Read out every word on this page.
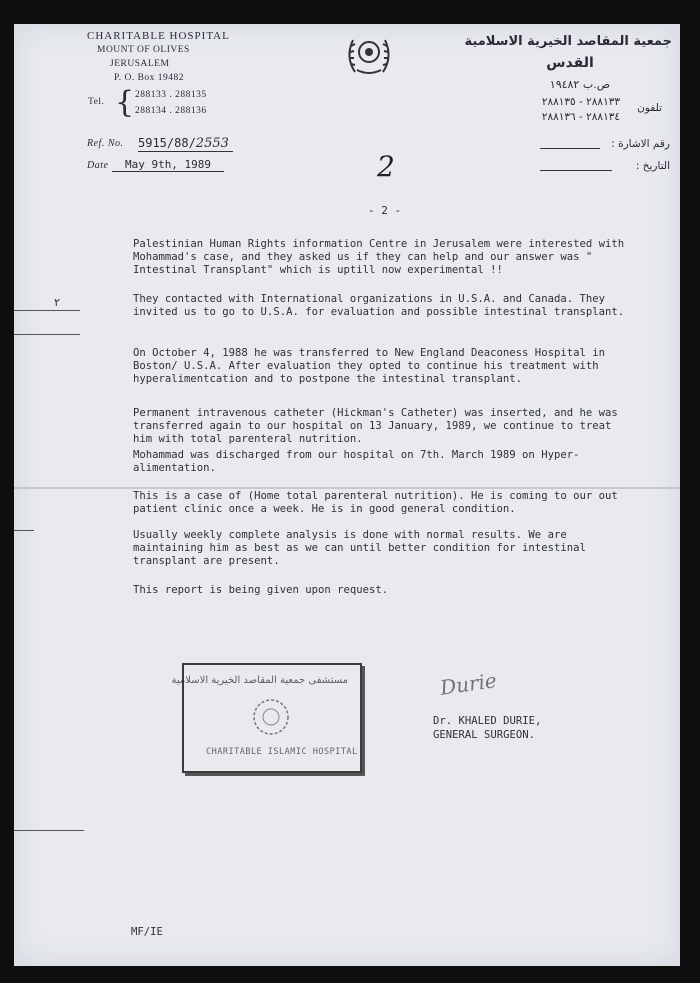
CHARITABLE HOSPITAL
MOUNT OF OLIVES
JERUSALEM
P. O. Box 19482
Tel. { 288133 . 288135
288134 . 288136
جمعية المقاصد الخيرية الاسلامية
القدس
ص.ب ١٩٤٨٢
٢٨٨١٣٣ - ٢٨٨١٣٥
٢٨٨١٣٤ - ٢٨٨١٣٦
تلفون
Ref. No. 5915/88/2553
Date	May 9th, 1989
رقم الاشارة :
التاريخ :
2
- 2 -
Palestinian Human Rights information Centre in Jerusalem were interested with Mohammad's case, and they asked us if they can help and our answer was " Intestinal Transplant" which is uptill now experimental !!
They contacted with International organizations in U.S.A. and Canada. They invited us to go to U.S.A. for evaluation and possible intestinal transplant.
On October 4, 1988 he was transferred to New England Deaconess Hospital in Boston/ U.S.A. After evaluation they opted to continue his treatment with hyperalimentcation and to postpone the intestinal transplant.
Permanent intravenous catheter (Hickman's Catheter) was inserted, and he was transferred again to our hospital on 13 January, 1989, we continue to treat him with total parenteral nutrition.
Mohammad was discharged from our hospital on 7th. March 1989 on Hyper-alimentation.
This is a case of (Home total parenteral nutrition). He is coming to our out patient clinic once a week. He is in good general condition.
Usually weekly complete analysis is done with normal results. We are maintaining him as best as we can until better condition for intestinal transplant are present.
This report is being given upon request.
٢
مستشفى جمعية المقاصد الخيرية الاسلامية
CHARITABLE ISLAMIC HOSPITAL
Durie
Dr. KHALED DURIE,
GENERAL SURGEON.
MF/IE
